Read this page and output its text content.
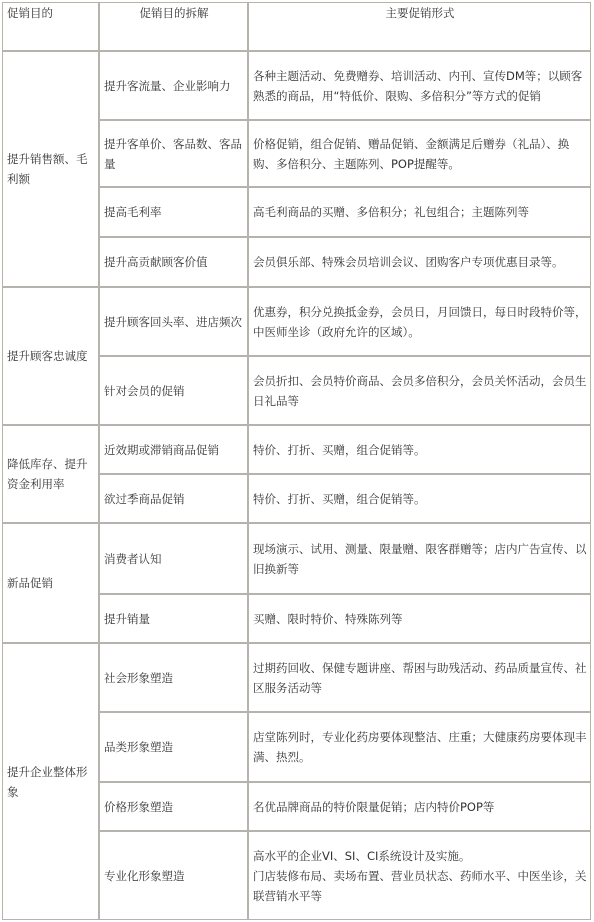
促销目的	促销目的拆解	主要促销形式

提升销售额、毛利额	提升客流量、企业影响力	各种主题活动、免费赠券、培训活动、内刊、宣传DM等；以顾客熟悉的商品，用“特低价、限购、多倍积分”等方式的促销

	提升客单价、客品数、客品量	价格促销，组合促销、赠品促销、金额满足后赠券（礼品）、换购、多倍积分、主题陈列、POP提醒等。

	提高毛利率	高毛利商品的买赠、多倍积分；礼包组合；主题陈列等

	提升高贡献顾客价值	会员俱乐部、特殊会员培训会议、团购客户专项优惠目录等。

提升顾客忠诚度	提升顾客回头率、进店频次	优惠券，积分兑换抵金券，会员日，月回馈日，每日时段特价等，中医师坐诊（政府允许的区域）。

	针对会员的促销	会员折扣、会员特价商品、会员多倍积分，会员关怀活动，会员生日礼品等

降低库存、提升资金利用率	近效期或滞销商品促销	特价、打折、买赠，组合促销等。

	欲过季商品促销	特价、打折、买赠，组合促销等。

新品促销	消费者认知	现场演示、试用、测量、限量赠、限客群赠等；店内广告宣传、以旧换新等

	提升销量	买赠、限时特价、特殊陈列等

提升企业整体形象	社会形象塑造	过期药回收、保健专题讲座、帮困与助残活动、药品质量宣传、社区服务活动等

	品类形象塑造	店堂陈列时，专业化药房要体现整洁、庄重；大健康药房要体现丰满、热烈。

	价格形象塑造	名优品牌商品的特价限量促销；店内特价POP等

	专业化形象塑造	高水平的企业VI、SI、CI系统设计及实施。
门店装修布局、卖场布置、营业员状态、药师水平、中医坐诊，关联营销水平等
